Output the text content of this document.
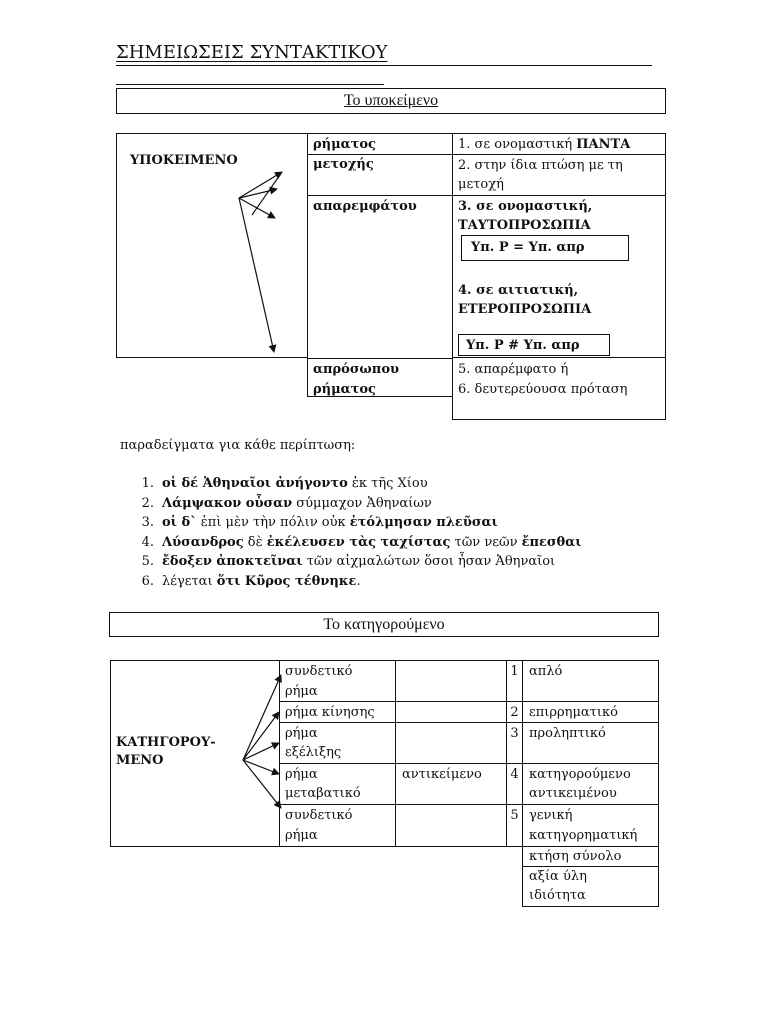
ΣΗΜΕΙΩΣΕΙΣ ΣΥΝΤΑΚΤΙΚΟΥ
Το υποκείμενο
ΥΠΟΚΕΙΜΕΝΟ
ρήματος
μετοχής
απαρεμφάτου
απρόσωπου
ρήματος
1. σε ονομαστική ΠΑΝΤΑ
2. στην ίδια πτώση με τη μετοχή
3. σε ονομαστική,
ΤΑΥΤΟΠΡΟΣΩΠΙΑ
Υπ. Ρ = Υπ. απρ
4. σε αιτιατική,
ΕΤΕΡΟΠΡΟΣΩΠΙΑ
Υπ. Ρ # Υπ. απρ
5. απαρέμφατο ή
6. δευτερεύουσα πρόταση
παραδείγματα για κάθε περίπτωση:
1. οἱ δέ Ἀθηναῖοι ἀνήγοντο ἐκ τῆς Χίου
2. Λάμψακον οὖσαν σύμμαχον Ἀθηναίων
3. οἱ δ` ἐπὶ μὲν τὴν πόλιν οὐκ ἐτόλμησαν πλεῦσαι
4. Λύσανδρος δὲ ἐκέλευσεν τὰς ταχίστας τῶν νεῶν ἔπεσθαι
5. ἔδοξεν ἀποκτεῖναι τῶν αἰχμαλώτων ὅσοι ἦσαν Ἀθηναῖοι
6. λέγεται ὅτι Κῦρος τέθνηκε.
Το κατηγορούμενο
ΚΑΤΗΓΟΡΟΥ-
ΜΕΝΟ
συνδετικό
ρήμα
ρήμα κίνησης
ρήμα
εξέλιξης
ρήμα
μεταβατικό
συνδετικό
ρήμα
αντικείμενο
1
2
3
4
5
απλό
επιρρηματικό
προληπτικό
κατηγορούμενο
αντικειμένου
γενική
κατηγορηματική
κτήση σύνολο
αξία ύλη
ιδιότητα
